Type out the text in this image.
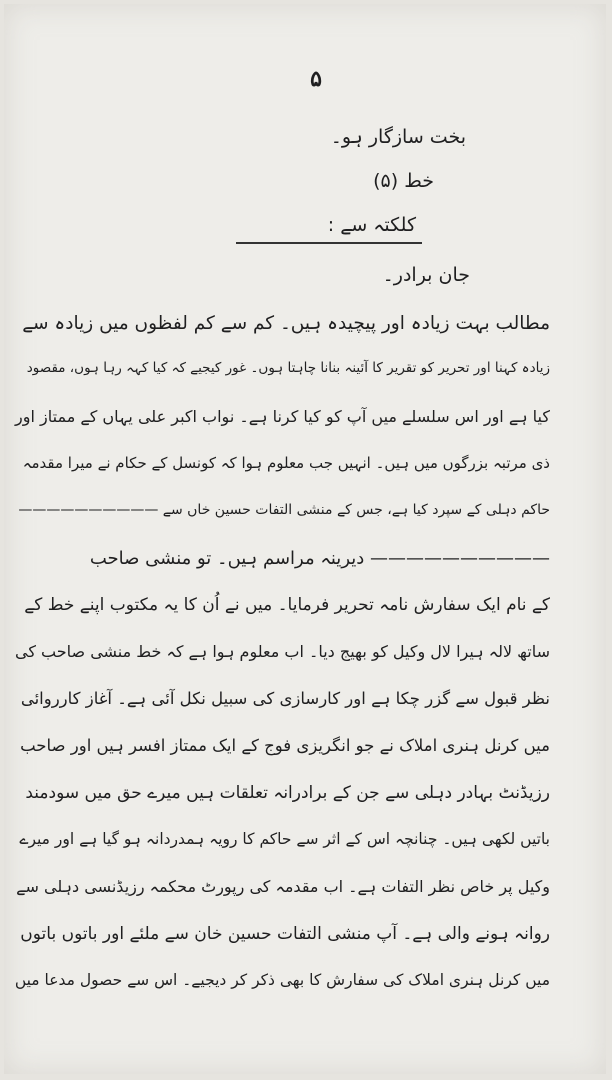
۵
بخت سازگار ہو۔
خط (۵)
کلکتہ سے :
جان برادر۔
مطالب بہت زیادہ اور پیچیدہ ہیں۔ کم سے کم لفظوں میں زیادہ سے
زیادہ کہنا اور تحریر کو تقریر کا آئینہ بنانا چاہتا ہوں۔ غور کیجیے کہ کیا کہہ رہا ہوں، مقصود
کیا ہے اور اس سلسلے میں آپ کو کیا کرنا ہے۔ نواب اکبر علی یہاں کے ممتاز اور
ذی مرتبہ بزرگوں میں ہیں۔ انہیں جب معلوم ہوا کہ کونسل کے حکام نے میرا مقدمہ
حاکم دہلی کے سپرد کیا ہے، جس کے منشی التفات حسین خاں سے ——————————
—————————— دیرینہ مراسم ہیں۔ تو منشی صاحب
کے نام ایک سفارش نامہ تحریر فرمایا۔ میں نے اُن کا یہ مکتوب اپنے خط کے
ساتھ لالہ ہیرا لال وکیل کو بھیج دیا۔ اب معلوم ہوا ہے کہ خط منشی صاحب کی
نظر قبول سے گزر چکا ہے اور کارسازی کی سبیل نکل آئی ہے۔ آغاز کارروائی
میں کرنل ہنری املاک نے جو انگریزی فوج کے ایک ممتاز افسر ہیں اور صاحب
رزیڈنٹ بہادر دہلی سے جن کے برادرانہ تعلقات ہیں میرے حق میں سودمند
باتیں لکھی ہیں۔ چنانچہ اس کے اثر سے حاکم کا رویہ ہمدردانہ ہو گیا ہے اور میرے
وکیل پر خاص نظر التفات ہے۔ اب مقدمہ کی رپورٹ محکمہ رزیڈنسی دہلی سے
روانہ ہونے والی ہے۔ آپ منشی التفات حسین خان سے ملئے اور باتوں باتوں
میں کرنل ہنری املاک کی سفارش کا بھی ذکر کر دیجیے۔ اس سے حصول مدعا میں
